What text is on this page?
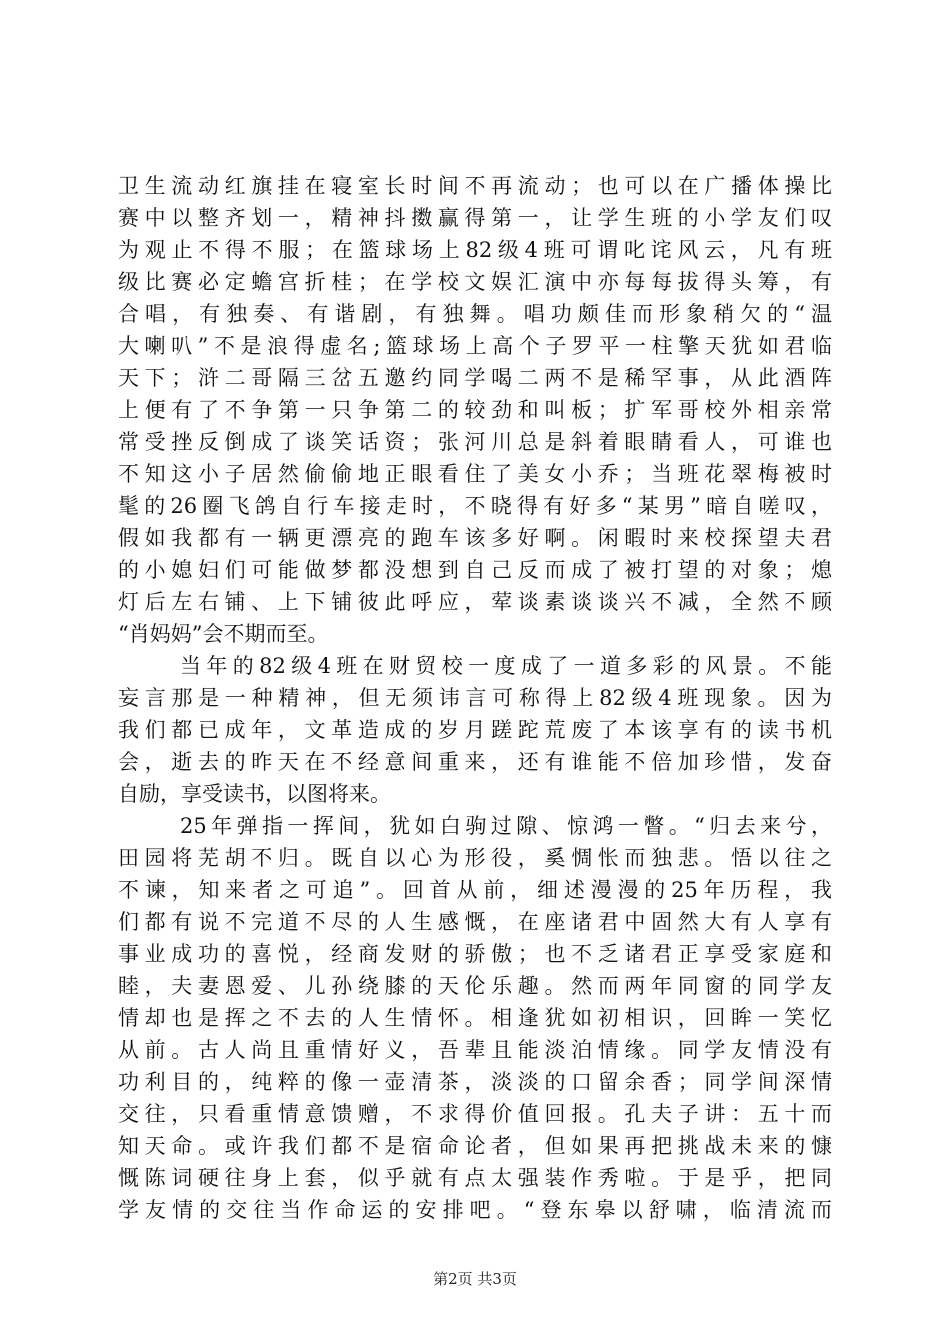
卫生流动红旗挂在寝室长时间不再流动；也可以在广播体操比
赛中以整齐划一，精神抖擞赢得第一，让学生班的小学友们叹
为观止不得不服；在篮球场上82级4班可谓叱诧风云，凡有班
级比赛必定蟾宫折桂；在学校文娱汇演中亦每每拔得头筹，有
合唱，有独奏、有谐剧，有独舞。唱功颇佳而形象稍欠的“温
大喇叭”不是浪得虚名;篮球场上高个子罗平一柱擎天犹如君临
天下；浒二哥隔三岔五邀约同学喝二两不是稀罕事，从此酒阵
上便有了不争第一只争第二的较劲和叫板；扩军哥校外相亲常
常受挫反倒成了谈笑话资；张河川总是斜着眼睛看人，可谁也
不知这小子居然偷偷地正眼看住了美女小乔；当班花翠梅被时
髦的26圈飞鸽自行车接走时，不晓得有好多“某男”暗自嗟叹，
假如我都有一辆更漂亮的跑车该多好啊。闲暇时来校探望夫君
的小媳妇们可能做梦都没想到自己反而成了被打望的对象；熄
灯后左右铺、上下铺彼此呼应，荤谈素谈谈兴不减，全然不顾
“肖妈妈”会不期而至。
当年的82级4班在财贸校一度成了一道多彩的风景。不能
妄言那是一种精神，但无须讳言可称得上82级4班现象。因为
我们都已成年，文革造成的岁月蹉跎荒废了本该享有的读书机
会，逝去的昨天在不经意间重来，还有谁能不倍加珍惜，发奋
自励，享受读书，以图将来。
25年弹指一挥间，犹如白驹过隙、惊鸿一瞥。“归去来兮，
田园将芜胡不归。既自以心为形役，奚惆怅而独悲。悟以往之
不谏，知来者之可追”。回首从前，细述漫漫的25年历程，我
们都有说不完道不尽的人生感慨，在座诸君中固然大有人享有
事业成功的喜悦，经商发财的骄傲；也不乏诸君正享受家庭和
睦，夫妻恩爱、儿孙绕膝的天伦乐趣。然而两年同窗的同学友
情却也是挥之不去的人生情怀。相逢犹如初相识，回眸一笑忆
从前。古人尚且重情好义，吾辈且能淡泊情缘。同学友情没有
功利目的，纯粹的像一壶清茶，淡淡的口留余香；同学间深情
交往，只看重情意馈赠，不求得价值回报。孔夫子讲：五十而
知天命。或许我们都不是宿命论者，但如果再把挑战未来的慷
慨陈词硬往身上套，似乎就有点太强装作秀啦。于是乎，把同
学友情的交往当作命运的安排吧。“登东皋以舒啸，临清流而
第2页 共3页
